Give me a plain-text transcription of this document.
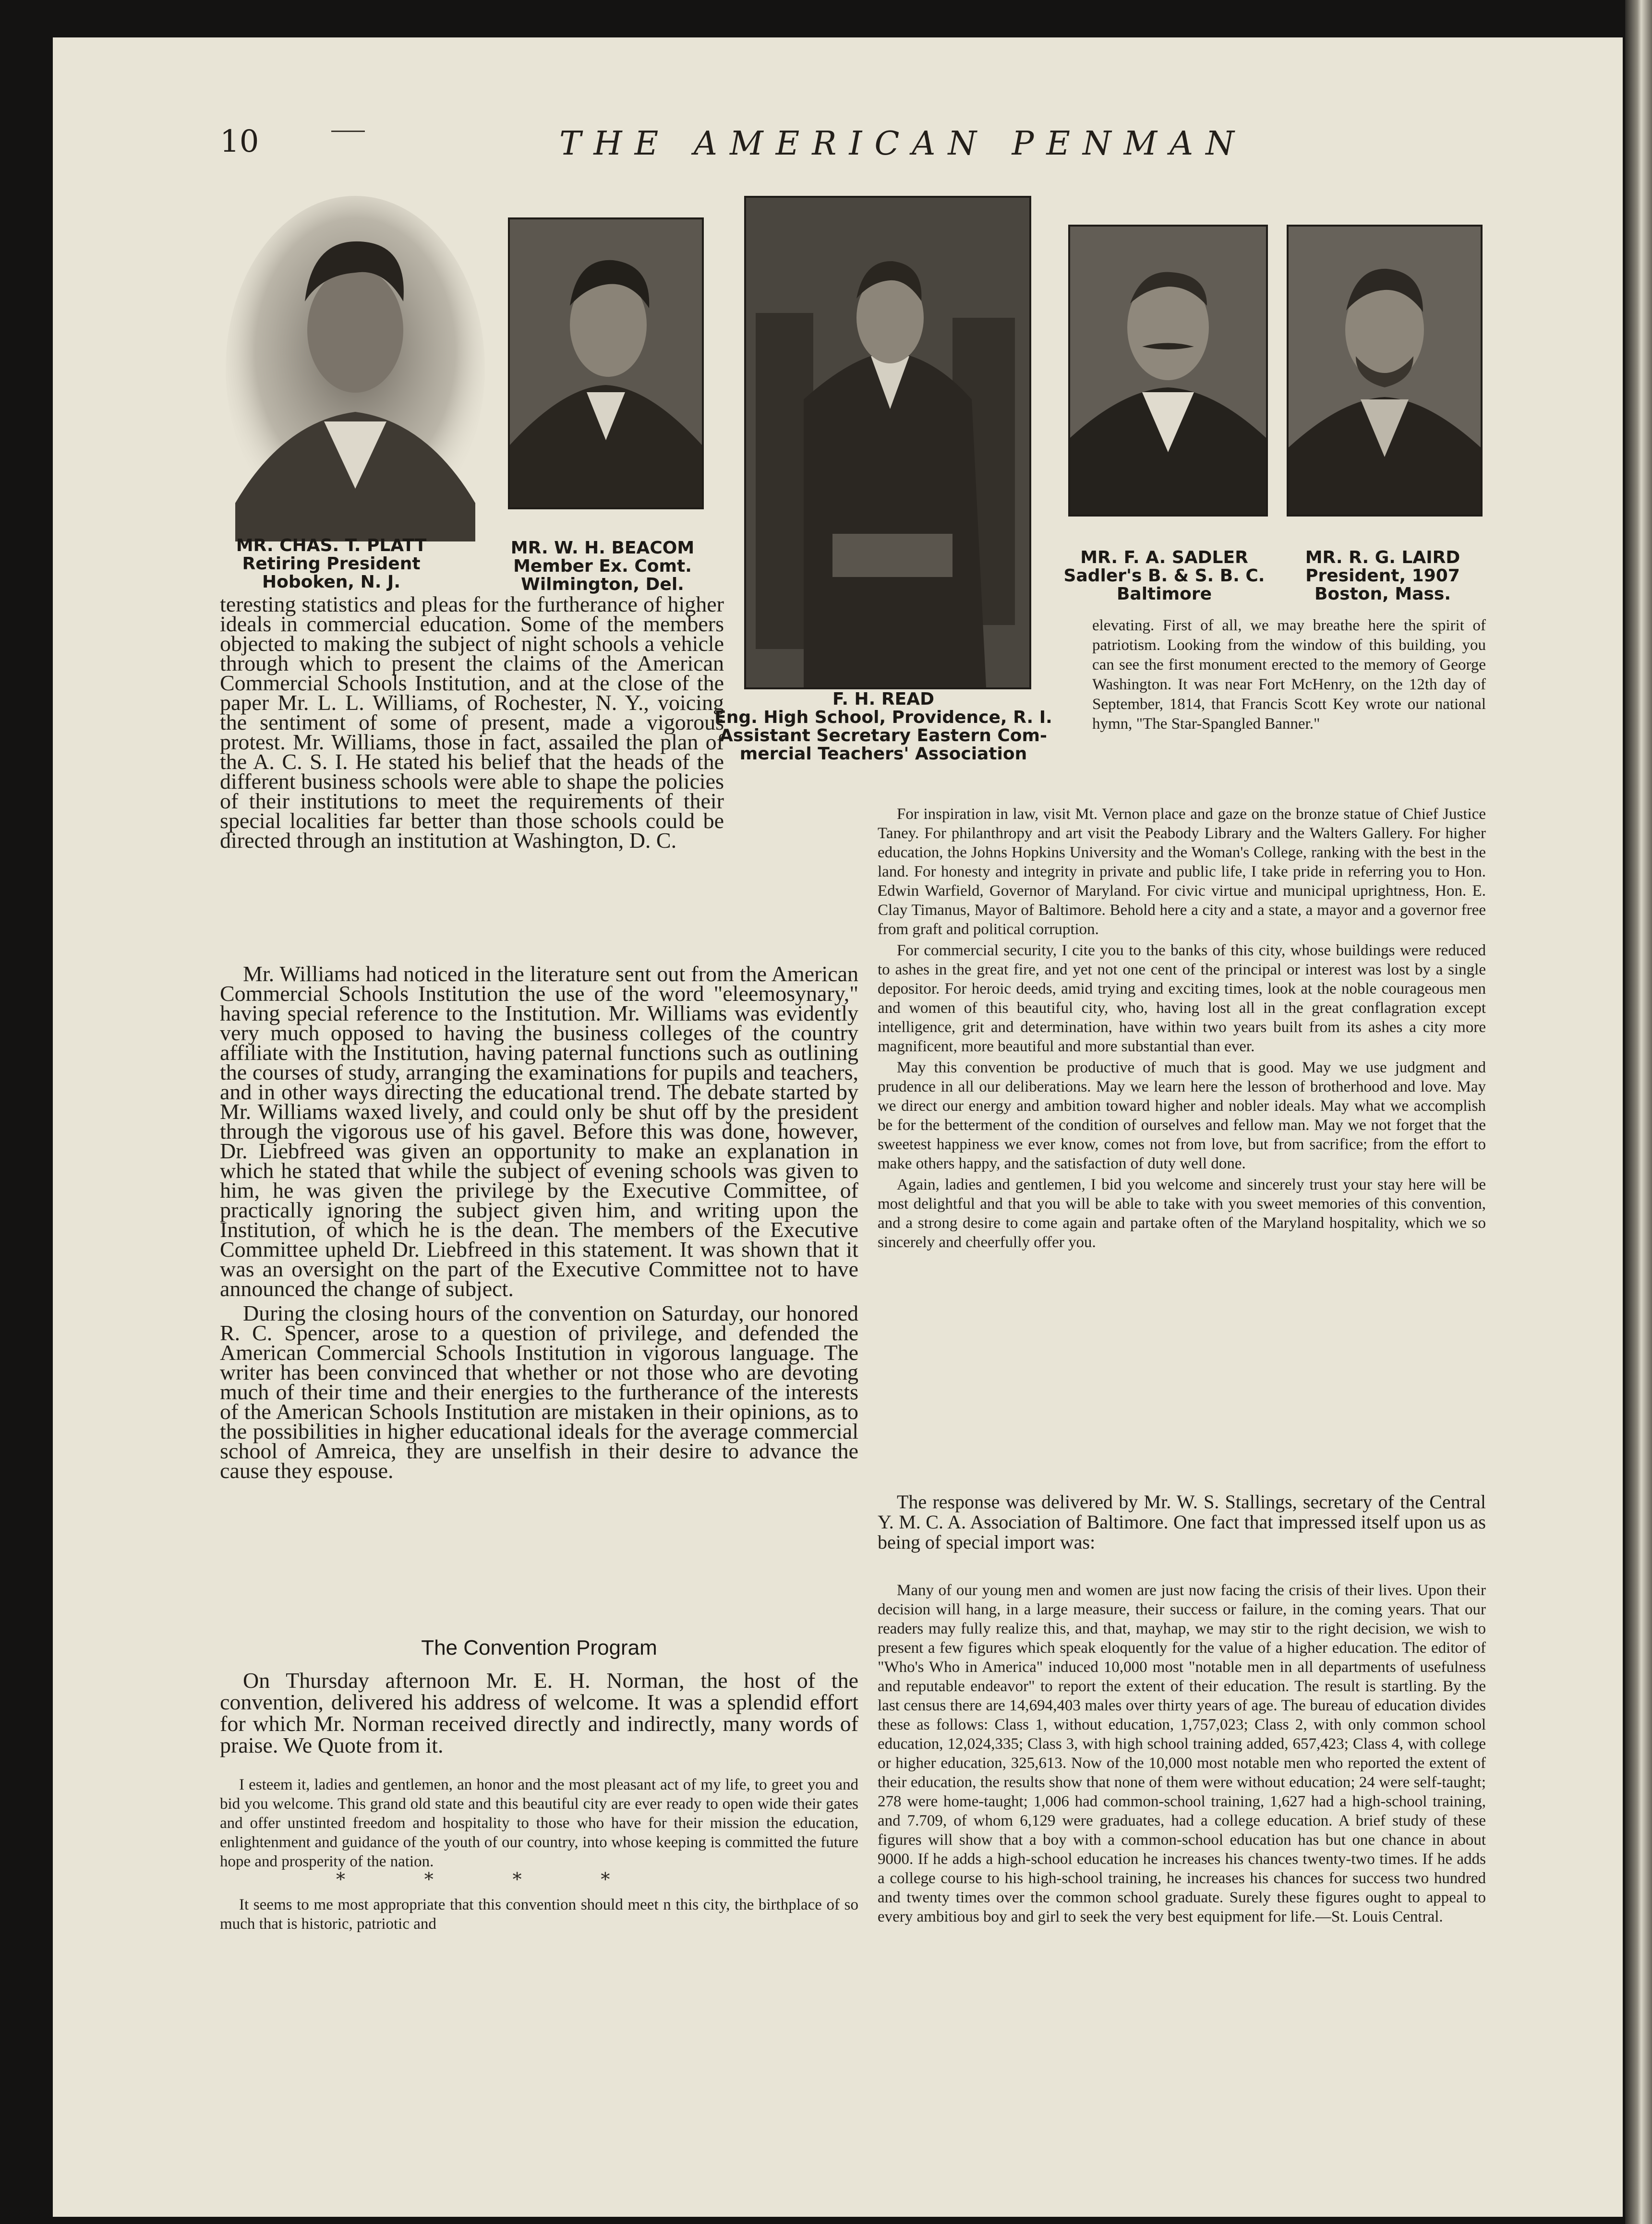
10	THE AMERICAN PENMAN
MR. CHAS. T. PLATT
Retiring President
Hoboken, N. J.
MR. W. H. BEACOM
Member Ex. Comt.
Wilmington, Del.
F. H. READ
Eng. High School, Providence, R. I.
Assistant Secretary Eastern Com-
mercial Teachers' Association
MR. F. A. SADLER
Sadler's B. & S. B. C.
Baltimore
MR. R. G. LAIRD
President, 1907
Boston, Mass.

teresting statistics and pleas for the furtherance of higher ideals in commercial education. Some of the members objected to making the subject of night schools a vehicle through which to present the claims of the American Commercial Schools Institution, and at the close of the paper Mr. L. L. Williams, of Rochester, N. Y., voicing the sentiment of some of present, made a vigorous protest. Mr. Williams, those in fact, assailed the plan of the A. C. S. I. He stated his belief that the heads of the different business schools were able to shape the policies of their institutions to meet the requirements of their special localities far better than those schools could be directed through an institution at Washington, D. C.

Mr. Williams had noticed in the literature sent out from the American Commercial Schools Institution the use of the word "eleemosynary," having special reference to the Institution. Mr. Williams was evidently very much opposed to having the business colleges of the country affiliate with the Institution, having paternal functions such as outlining the courses of study, arranging the examinations for pupils and teachers, and in other ways directing the educational trend. The debate started by Mr. Williams waxed lively, and could only be shut off by the president through the vigorous use of his gavel. Before this was done, however, Dr. Liebfreed was given an opportunity to make an explanation in which he stated that while the subject of evening schools was given to him, he was given the privilege by the Executive Committee, of practically ignoring the subject given him, and writing upon the Institution, of which he is the dean. The members of the Executive Committee upheld Dr. Liebfreed in this statement. It was shown that it was an oversight on the part of the Executive Committee not to have announced the change of subject.

During the closing hours of the convention on Saturday, our honored R. C. Spencer, arose to a question of privilege, and defended the American Commercial Schools Institution in vigorous language. The writer has been convinced that whether or not those who are devoting much of their time and their energies to the furtherance of the interests of the American Schools Institution are mistaken in their opinions, as to the possibilities in higher educational ideals for the average commercial school of Amreica, they are unselfish in their desire to advance the cause they espouse.

The Convention Program

On Thursday afternoon Mr. E. H. Norman, the host of the convention, delivered his address of welcome. It was a splendid effort for which Mr. Norman received directly and indirectly, many words of praise. We Quote from it.

I esteem it, ladies and gentlemen, an honor and the most pleasant act of my life, to greet you and bid you welcome. This grand old state and this beautiful city are ever ready to open wide their gates and offer unstinted freedom and hospitality to those who have for their mission the education, enlightenment and guidance of the youth of our country, into whose keeping is committed the future hope and prosperity of the nation.

*          *          *          *

It seems to me most appropriate that this convention should meet n this city, the birthplace of so much that is historic, patriotic and

elevating. First of all, we may breathe here the spirit of patriotism. Looking from the window of this building, you can see the first monument erected to the memory of George Washington. It was near Fort McHenry, on the 12th day of September, 1814, that Francis Scott Key wrote our national hymn, "The Star-Spangled Banner."

For inspiration in law, visit Mt. Vernon place and gaze on the bronze statue of Chief Justice Taney. For philanthropy and art visit the Peabody Library and the Walters Gallery. For higher education, the Johns Hopkins University and the Woman's College, ranking with the best in the land. For honesty and integrity in private and public life, I take pride in referring you to Hon. Edwin Warfield, Governor of Maryland. For civic virtue and municipal uprightness, Hon. E. Clay Timanus, Mayor of Baltimore. Behold here a city and a state, a mayor and a governor free from graft and political corruption.

For commercial security, I cite you to the banks of this city, whose buildings were reduced to ashes in the great fire, and yet not one cent of the principal or interest was lost by a single depositor. For heroic deeds, amid trying and exciting times, look at the noble courageous men and women of this beautiful city, who, having lost all in the great conflagration except intelligence, grit and determination, have within two years built from its ashes a city more magnificent, more beautiful and more substantial than ever.

May this convention be productive of much that is good. May we use judgment and prudence in all our deliberations. May we learn here the lesson of brotherhood and love. May we direct our energy and ambition toward higher and nobler ideals. May what we accomplish be for the betterment of the condition of ourselves and fellow man. May we not forget that the sweetest happiness we ever know, comes not from love, but from sacrifice; from the effort to make others happy, and the satisfaction of duty well done.

Again, ladies and gentlemen, I bid you welcome and sincerely trust your stay here will be most delightful and that you will be able to take with you sweet memories of this convention, and a strong desire to come again and partake often of the Maryland hospitality, which we so sincerely and cheerfully offer you.

The response was delivered by Mr. W. S. Stallings, secretary of the Central Y. M. C. A. Association of Baltimore. One fact that impressed itself upon us as being of special import was:

Many of our young men and women are just now facing the crisis of their lives. Upon their decision will hang, in a large measure, their success or failure, in the coming years. That our readers may fully realize this, and that, mayhap, we may stir to the right decision, we wish to present a few figures which speak eloquently for the value of a higher education. The editor of "Who's Who in America" induced 10,000 most "notable men in all departments of usefulness and reputable endeavor" to report the extent of their education. The result is startling. By the last census there are 14,694,403 males over thirty years of age. The bureau of education divides these as follows: Class 1, without education, 1,757,023; Class 2, with only common school education, 12,024,335; Class 3, with high school training added, 657,423; Class 4, with college or higher education, 325,613. Now of the 10,000 most notable men who reported the extent of their education, the results show that none of them were without education; 24 were self-taught; 278 were home-taught; 1,006 had common-school training, 1,627 had a high-school training, and 7.709, of whom 6,129 were graduates, had a college education. A brief study of these figures will show that a boy with a common-school education has but one chance in about 9000. If he adds a high-school education he increases his chances twenty-two times. If he adds a college course to his high-school training, he increases his chances for success two hundred and twenty times over the common school graduate. Surely these figures ought to appeal to every ambitious boy and girl to seek the very best equipment for life.—St. Louis Central.
